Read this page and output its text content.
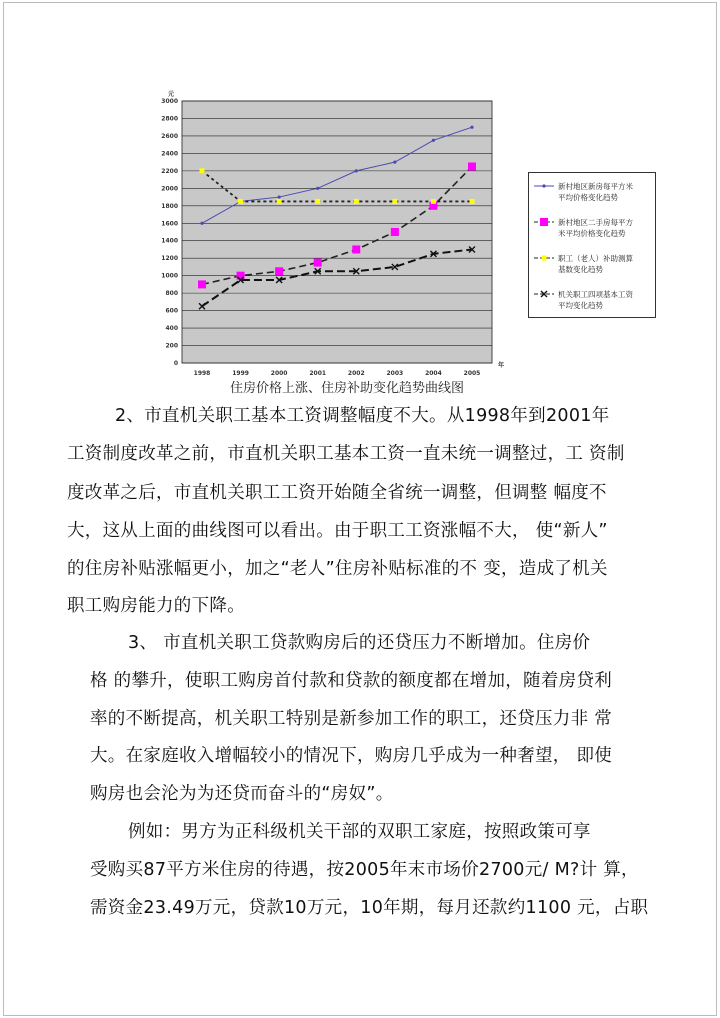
0
200
400
600
800
1000
1200
1400
1600
1800
2000
2200
2400
2600
2800
3000
1998	1999	2000	2001	2002	2003	2004	2005
元
年
住房价格上涨、住房补助变化趋势曲线图
2、市直机关职工基本工资调整幅度不大。从1998年到2001年
工资制度改革之前，市直机关职工基本工资一直未统一调整过，工 资制
度改革之后，市直机关职工工资开始随全省统一调整，但调整 幅度不
大，这从上面的曲线图可以看出。由于职工工资涨幅不大， 使“新人”
的住房补贴涨幅更小，加之“老人”住房补贴标准的不 变，造成了机关
职工购房能力的下降。
3、 市直机关职工贷款购房后的还贷压力不断增加。住房价
格 的攀升，使职工购房首付款和贷款的额度都在增加，随着房贷利
率的不断提高，机关职工特别是新参加工作的职工，还贷压力非 常
大。在家庭收入增幅较小的情况下，购房几乎成为一种奢望， 即使
购房也会沦为为还贷而奋斗的“房奴”。
例如：男方为正科级机关干部的双职工家庭，按照政策可享
受购买87平方米住房的待遇，按2005年末市场价2700元/ M?计 算，
需资金23.49万元，贷款10万元，10年期，每月还款约1100 元，占职
新村地区新房每平方米
平均价格变化趋势
新村地区二手房每平方
米平均价格变化趋势
职工（老人）补助测算
基数变化趋势
机关职工四项基本工资
平均变化趋势
